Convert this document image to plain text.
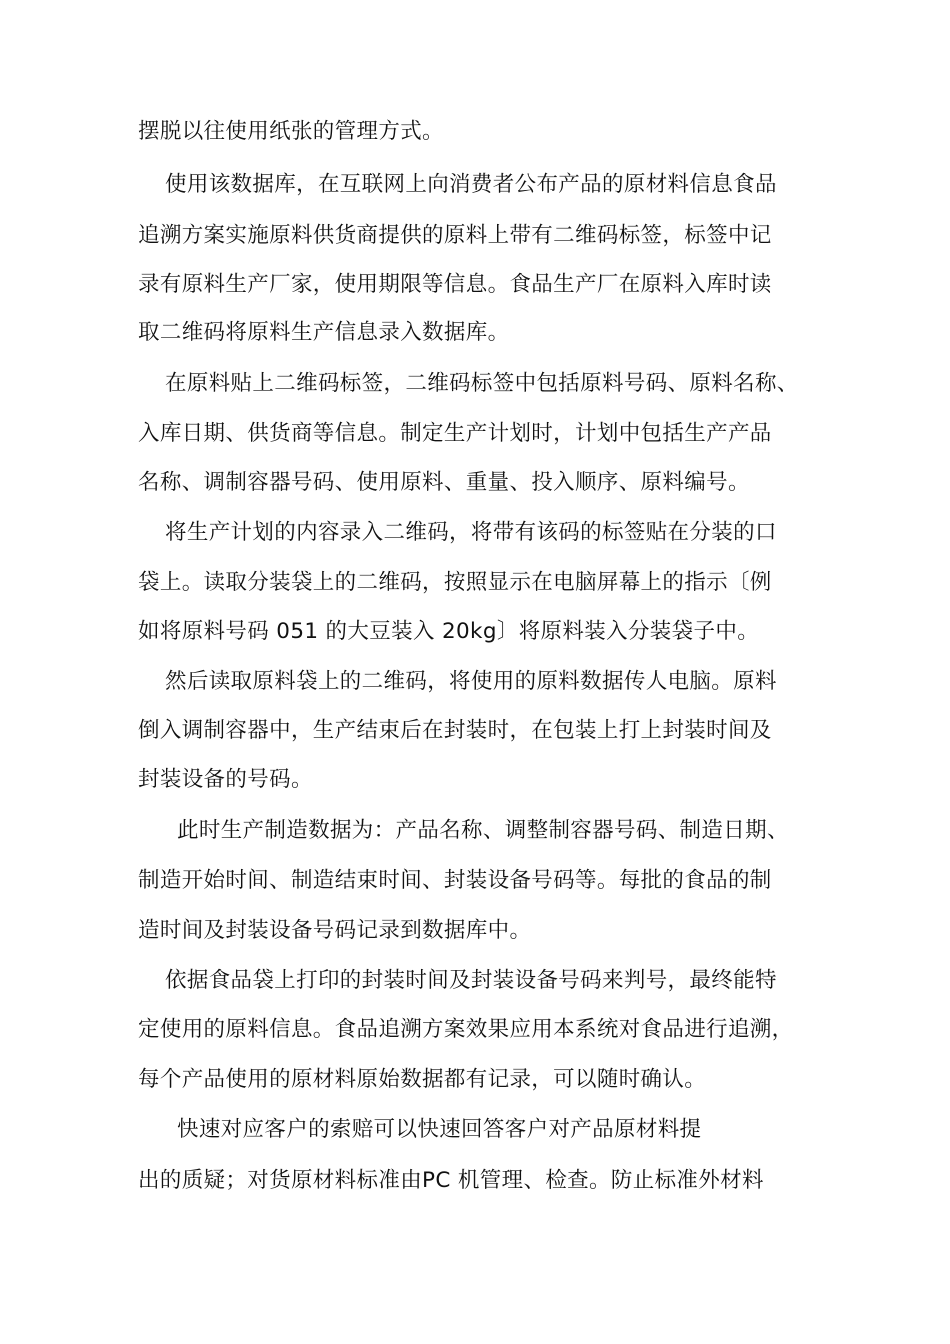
摆脱以往使用纸张的管理方式。
使用该数据库，在互联网上向消费者公布产品的原材料信息食品
追溯方案实施原料供货商提供的原料上带有二维码标签，标签中记
录有原料生产厂家，使用期限等信息。食品生产厂在原料入库时读
取二维码将原料生产信息录入数据库。
在原料贴上二维码标签，二维码标签中包括原料号码、原料名称、
入库日期、供货商等信息。制定生产计划时，计划中包括生产产品
名称、调制容器号码、使用原料、重量、投入顺序、原料编号。
将生产计划的内容录入二维码，将带有该码的标签贴在分装的口
袋上。读取分装袋上的二维码，按照显示在电脑屏幕上的指示〔例
如将原料号码 051 的大豆装入 20kg〕将原料装入分装袋子中。
然后读取原料袋上的二维码，将使用的原料数据传人电脑。原料
倒入调制容器中，生产结束后在封装时，在包装上打上封装时间及
封装设备的号码。
此时生产制造数据为：产品名称、调整制容器号码、制造日期、
制造开始时间、制造结束时间、封装设备号码等。每批的食品的制
造时间及封装设备号码记录到数据库中。
依据食品袋上打印的封装时间及封装设备号码来判号，最终能特
定使用的原料信息。食品追溯方案效果应用本系统对食品进行追溯，
每个产品使用的原材料原始数据都有记录，可以随时确认。
快速对应客户的索赔可以快速回答客户对产品原材料提
出的质疑；对货原材料标准由PC 机管理、检查。防止标准外材料
